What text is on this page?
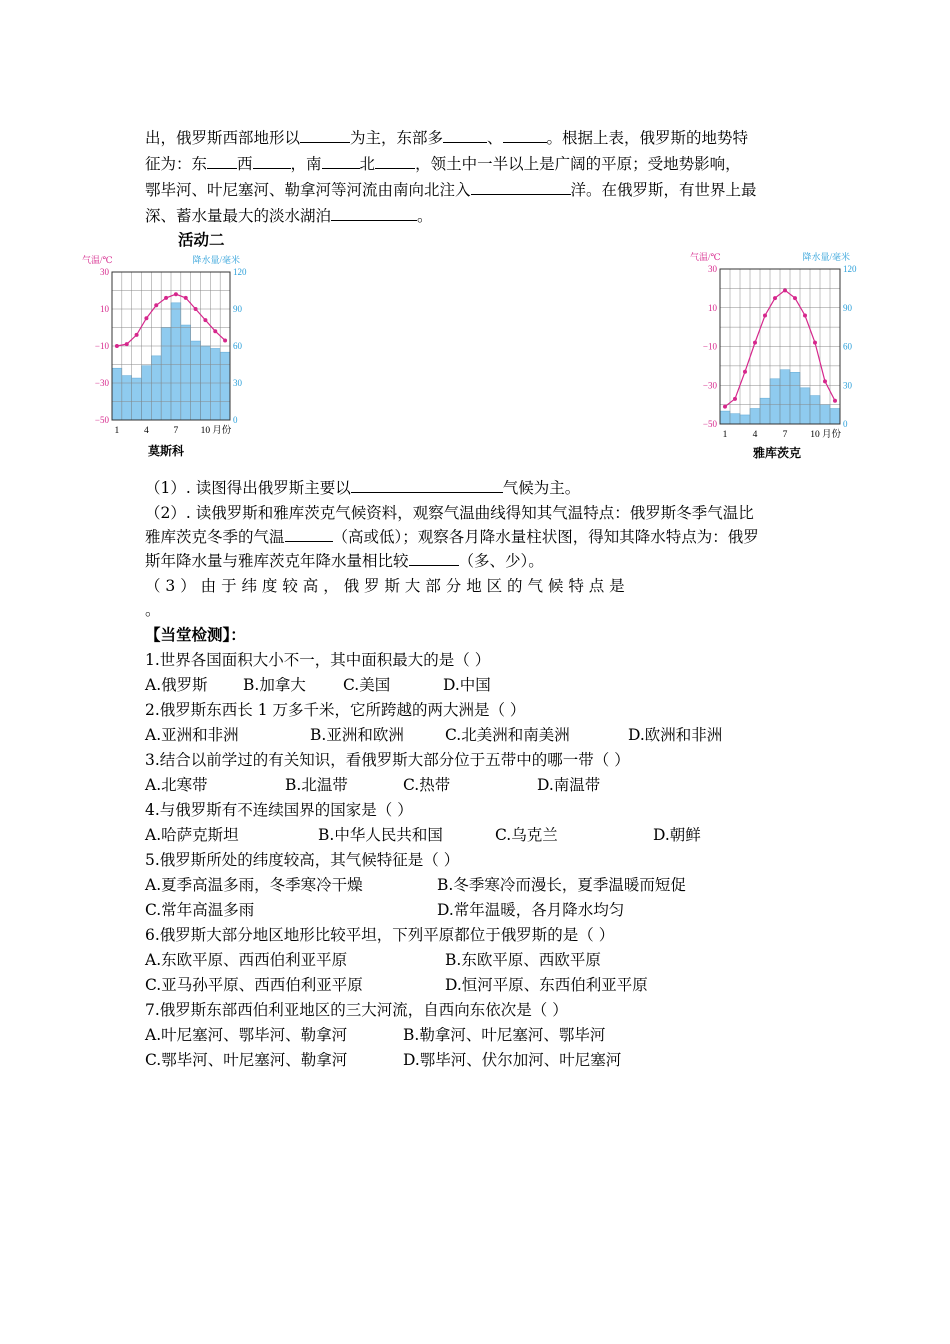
出，俄罗斯西部地形以	为主，东部多	、	。根据上表，俄罗斯的地势特
征为：东 西 ，南 北	，领土中一半以上是广阔的平原；受地势影响，
鄂毕河、叶尼塞河、勒拿河等河流由南向北注入	洋。在俄罗斯，有世界上最
深、蓄水量最大的淡水湖泊	。
活动二
气温/℃	降水量/毫米
30
10
−10
−30
−50
120
90
60
30
0
1	4	7 10 月份
莫斯科
气温/℃	降水量/毫米
30
10
−10
−30
−50
120
90
60
30
0
1	4	7 10 月份
雅库茨克
（1）. 读图得出俄罗斯主要以	气候为主。
（2）. 读俄罗斯和雅库茨克气候资料，观察气温曲线得知其气温特点：俄罗斯冬季气温比
雅库茨克冬季的气温	（高或低）；观察各月降水量柱状图，得知其降水特点为：俄罗
斯年降水量与雅库茨克年降水量相比较	（多、少）。
（ 3 ） 由 于 纬 度 较 高 ， 俄 罗 斯 大 部 分 地 区 的 气 候 特 点 是
。
【当堂检测】：
1.世界各国面积大小不一，其中面积最大的是（ ）
A.俄罗斯 B.加拿大 C.美国	D.中国
2.俄罗斯东西长 1 万多千米，它所跨越的两大洲是（ ）
A.亚洲和非洲	B.亚洲和欧洲	C.北美洲和南美洲	D.欧洲和非洲
3.结合以前学过的有关知识，看俄罗斯大部分位于五带中的哪一带（ ）
A.北寒带	B.北温带	C.热带	D.南温带
4.与俄罗斯有不连续国界的国家是（ ）
A.哈萨克斯坦	B.中华人民共和国	C.乌克兰	D.朝鲜
5.俄罗斯所处的纬度较高，其气候特征是（ ）
A.夏季高温多雨，冬季寒冷干燥	B.冬季寒冷而漫长，夏季温暖而短促
C.常年高温多雨	D.常年温暖，各月降水均匀
6.俄罗斯大部分地区地形比较平坦，下列平原都位于俄罗斯的是（ ）
A.东欧平原、西西伯利亚平原	B.东欧平原、西欧平原
C.亚马孙平原、西西伯利亚平原	D.恒河平原、东西伯利亚平原
7.俄罗斯东部西伯利亚地区的三大河流，自西向东依次是（ ）
A.叶尼塞河、鄂毕河、勒拿河	B.勒拿河、叶尼塞河、鄂毕河
C.鄂毕河、叶尼塞河、勒拿河	D.鄂毕河、伏尔加河、叶尼塞河
